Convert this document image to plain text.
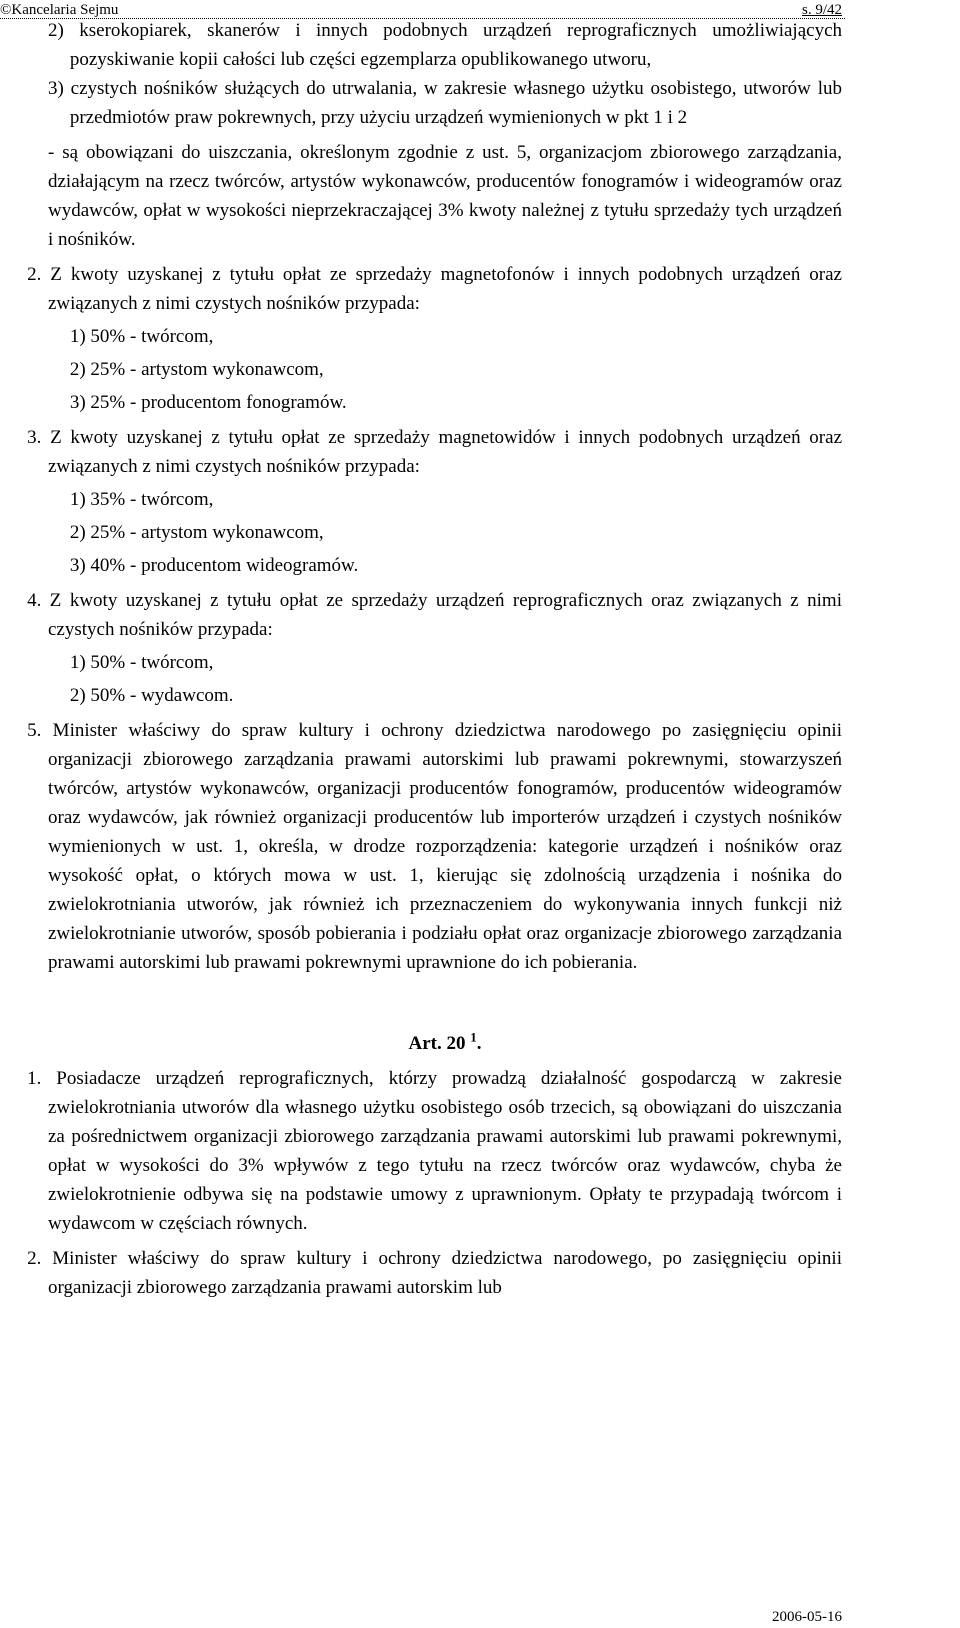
©Kancelaria Sejmu	s. 9/42

2) kserokopiarek, skanerów i innych podobnych urządzeń reprograficznych umożliwiających pozyskiwanie kopii całości lub części egzemplarza opublikowanego utworu,

3) czystych nośników służących do utrwalania, w zakresie własnego użytku osobistego, utworów lub przedmiotów praw pokrewnych, przy użyciu urządzeń wymienionych w pkt 1 i 2

- są obowiązani do uiszczania, określonym zgodnie z ust. 5, organizacjom zbiorowego zarządzania, działającym na rzecz twórców, artystów wykonawców, producentów fonogramów i wideogramów oraz wydawców, opłat w wysokości nieprzekraczającej 3% kwoty należnej z tytułu sprzedaży tych urządzeń i nośników.

2. Z kwoty uzyskanej z tytułu opłat ze sprzedaży magnetofonów i innych podobnych urządzeń oraz związanych z nimi czystych nośników przypada:

1) 50% - twórcom,

2) 25% - artystom wykonawcom,

3) 25% - producentom fonogramów.

3. Z kwoty uzyskanej z tytułu opłat ze sprzedaży magnetowidów i innych podobnych urządzeń oraz związanych z nimi czystych nośników przypada:

1) 35% - twórcom,

2) 25% - artystom wykonawcom,

3) 40% - producentom wideogramów.

4. Z kwoty uzyskanej z tytułu opłat ze sprzedaży urządzeń reprograficznych oraz związanych z nimi czystych nośników przypada:

1) 50% - twórcom,

2) 50% - wydawcom.

5. Minister właściwy do spraw kultury i ochrony dziedzictwa narodowego po zasięgnięciu opinii organizacji zbiorowego zarządzania prawami autorskimi lub prawami pokrewnymi, stowarzyszeń twórców, artystów wykonawców, organizacji producentów fonogramów, producentów wideogramów oraz wydawców, jak również organizacji producentów lub importerów urządzeń i czystych nośników wymienionych w ust. 1, określa, w drodze rozporządzenia: kategorie urządzeń i nośników oraz wysokość opłat, o których mowa w ust. 1, kierując się zdolnością urządzenia i nośnika do zwielokrotniania utworów, jak również ich przeznaczeniem do wykonywania innych funkcji niż zwielokrotnianie utworów, sposób pobierania i podziału opłat oraz organizacje zbiorowego zarządzania prawami autorskimi lub prawami pokrewnymi uprawnione do ich pobierania.

Art. 20 $^1$.

1. Posiadacze urządzeń reprograficznych, którzy prowadzą działalność gospodarczą w zakresie zwielokrotniania utworów dla własnego użytku osobistego osób trzecich, są obowiązani do uiszczania za pośrednictwem organizacji zbiorowego zarządzania prawami autorskimi lub prawami pokrewnymi, opłat w wysokości do 3% wpływów z tego tytułu na rzecz twórców oraz wydawców, chyba że zwielokrotnienie odbywa się na podstawie umowy z uprawnionym. Opłaty te przypadają twórcom i wydawcom w częściach równych.

2. Minister właściwy do spraw kultury i ochrony dziedzictwa narodowego, po zasięgnięciu opinii organizacji zbiorowego zarządzania prawami autorskim lub

2006-05-16
